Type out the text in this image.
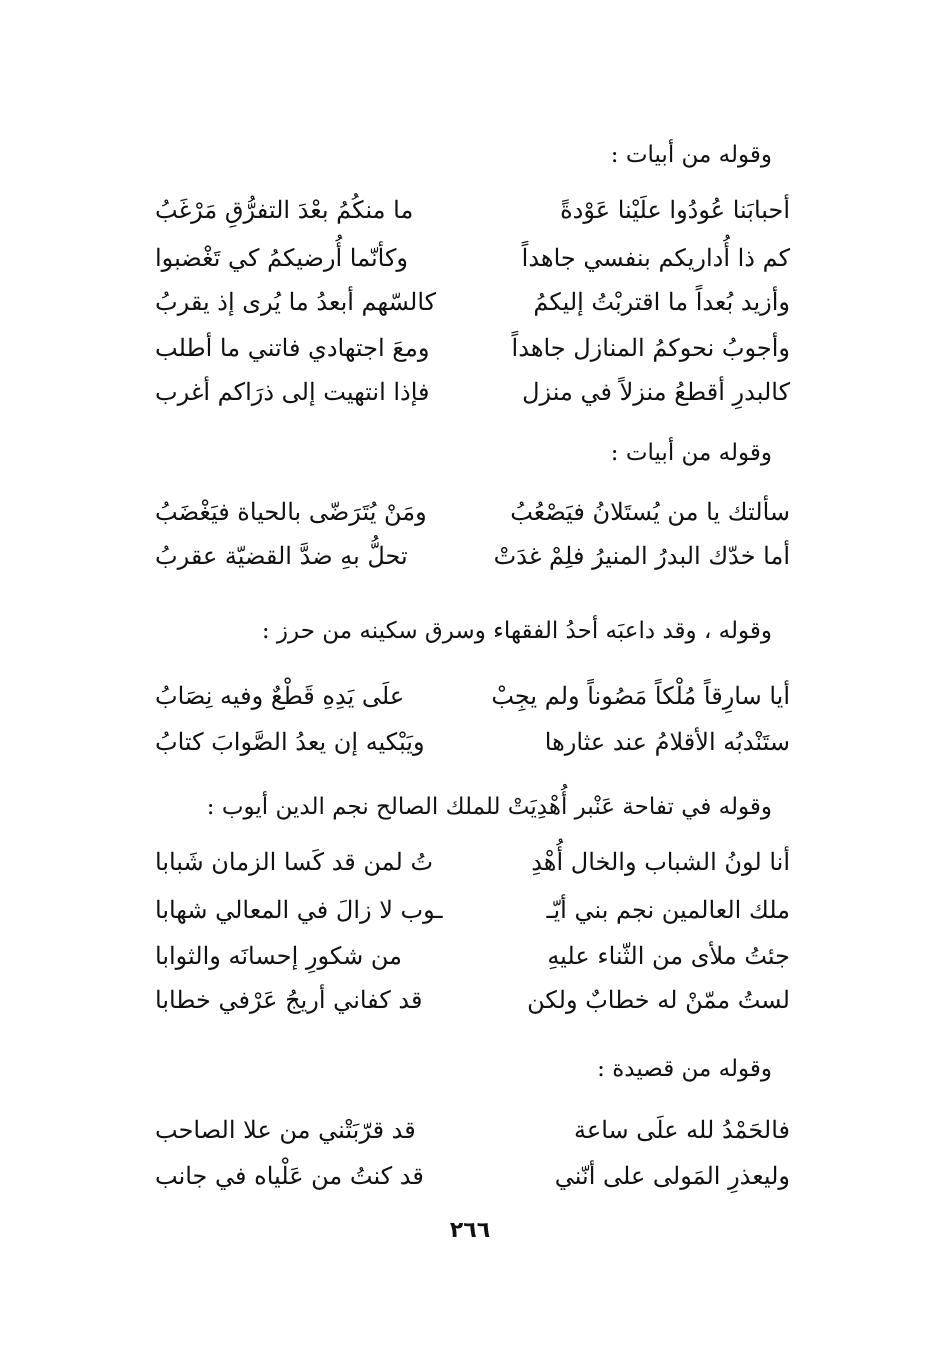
وقوله من أبيات :
أحبابَنا عُودُوا علَيْنا عَوْدةً
ما منكُمُ بعْدَ التفرُّقِ مَرْغَبُ
كم ذا أُداريكم بنفسي جاهداً
وكأنّما أُرضيكمُ كي تَغْضبوا
وأزيد بُعداً ما اقتربْتُ إليكمُ
كالسّهم أبعدُ ما يُرى إذ يقربُ
وأجوبُ نحوكمُ المنازل جاهداً
ومعَ اجتهادي فاتني ما أطلب
كالبدرِ أقطعُ منزلاً في منزل
فإذا انتهيت إلى ذرَاكم أغرب
وقوله من أبيات :
سألتك يا من يُستَلانُ فيَصْعُبُ
ومَنْ يُتَرَضّى بالحياة فيَغْضَبُ
أما خدّك البدرُ المنيرُ فلِمْ غدَتْ
تحلُّ بهِ ضدَّ القضيّة عقربُ
وقوله ، وقد داعبَه أحدُ الفقهاء وسرق سكينه من حرز :
أيا سارِقاً مُلْكاً مَصُوناً ولم يجِبْ
علَى يَدِهِ قَطْعٌ وفيه نِصَابُ
ستَنْدبُه الأقلامُ عند عثارها
ويَبْكيه إن يعدُ الصَّوابَ كتابُ
وقوله في تفاحة عَنْبر أُهْدِيَتْ للملك الصالح نجم الدين أيوب :
أنا لونُ الشباب والخال أُهْدِ
تُ لمن قد كَسا الزمان شَبابا
ملك العالمين نجم بني أيّـ
ـوب لا زالَ في المعالي شهابا
جئتُ ملأى من الثّناء عليهِ
من شكورِ إحسانَه والثوابا
لستُ ممّنْ له خطابٌ ولكن
قد كفاني أريجُ عَرْفي خطابا
وقوله من قصيدة :
فالحَمْدُ لله علَى ساعة
قد قرّبَتْني من علا الصاحب
وليعذرِ المَولى على أنّني
قد كنتُ من عَلْياه في جانب
٢٦٦
